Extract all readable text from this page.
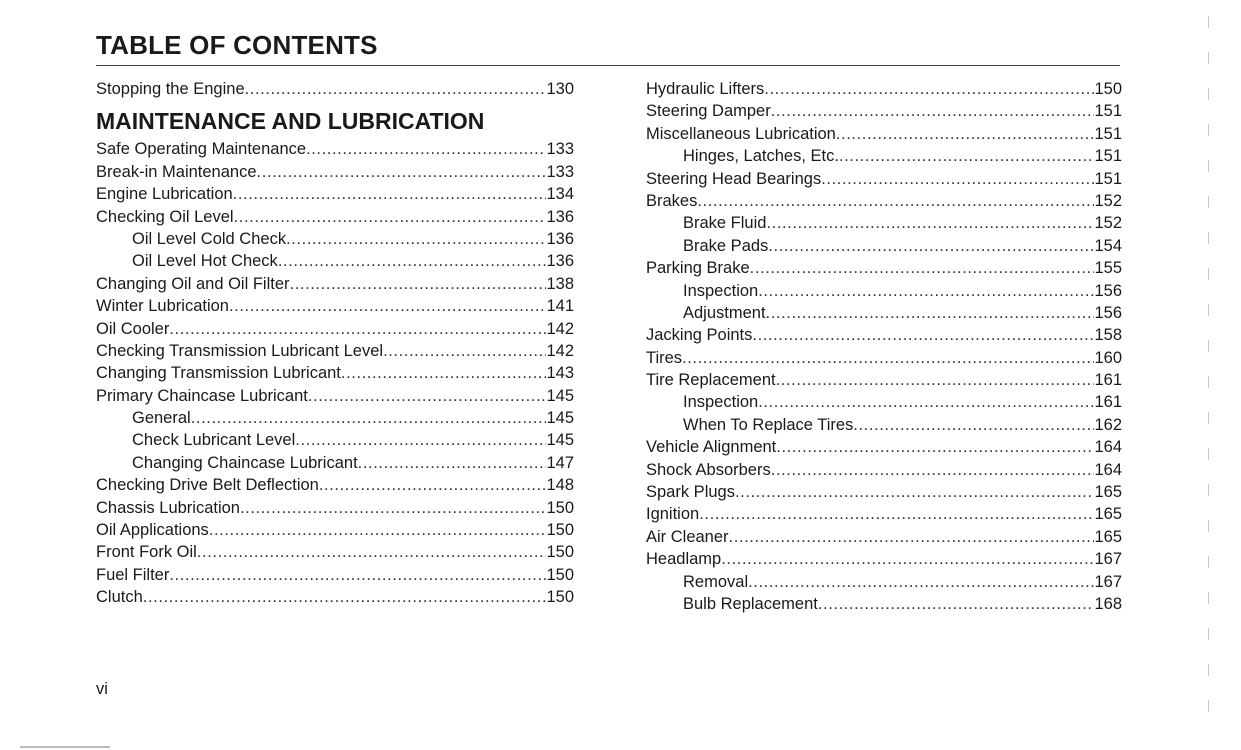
TABLE OF CONTENTS
Stopping the Engine .....	130
MAINTENANCE AND LUBRICATION
Safe Operating Maintenance .....	133
Break-in Maintenance .....	133
Engine Lubrication .....	134
Checking Oil Level .....	136
Oil Level Cold Check .....	136
Oil Level Hot Check .....	136
Changing Oil and Oil Filter .....	138
Winter Lubrication .....	141
Oil Cooler .....	142
Checking Transmission Lubricant Level .....	142
Changing Transmission Lubricant .....	143
Primary Chaincase Lubricant .....	145
General .....	145
Check Lubricant Level .....	145
Changing Chaincase Lubricant .....	147
Checking Drive Belt Deflection .....	148
Chassis Lubrication .....	150
Oil Applications .....	150
Front Fork Oil .....	150
Fuel Filter .....	150
Clutch .....	150
Hydraulic Lifters .....	150
Steering Damper .....	151
Miscellaneous Lubrication .....	151
Hinges, Latches, Etc. .....	151
Steering Head Bearings .....	151
Brakes .....	152
Brake Fluid .....	152
Brake Pads .....	154
Parking Brake .....	155
Inspection .....	156
Adjustment .....	156
Jacking Points .....	158
Tires .....	160
Tire Replacement .....	161
Inspection .....	161
When To Replace Tires .....	162
Vehicle Alignment .....	164
Shock Absorbers .....	164
Spark Plugs .....	165
Ignition .....	165
Air Cleaner .....	165
Headlamp .....	167
Removal .....	167
Bulb Replacement .....	168
vi
